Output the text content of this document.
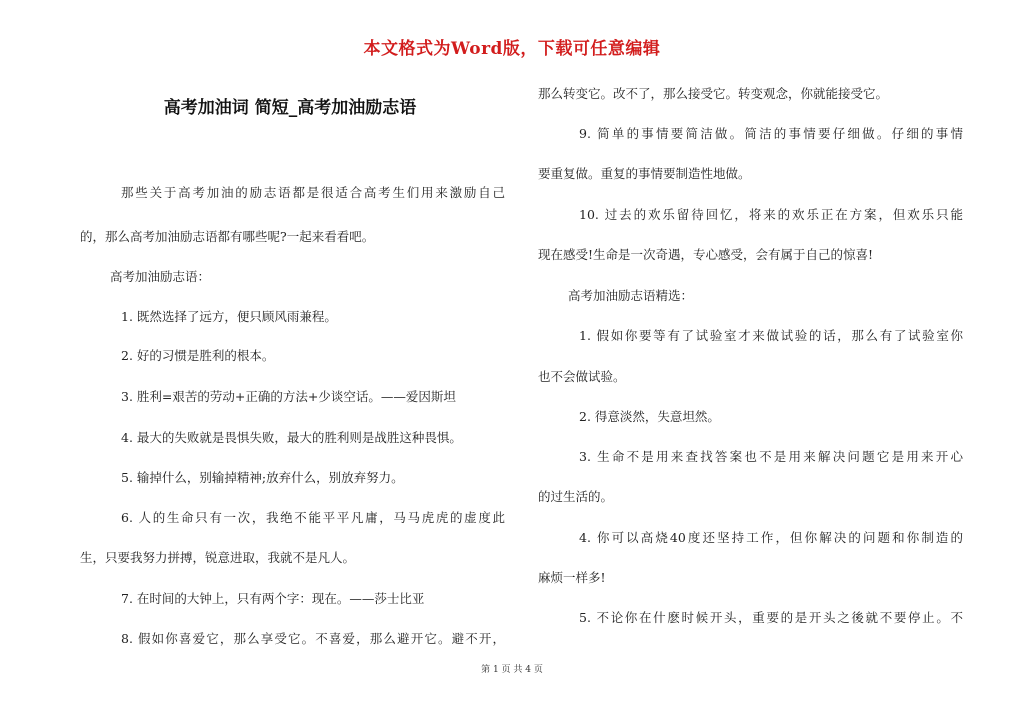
本文格式为Word版，下载可任意编辑
高考加油词 简短_高考加油励志语
那些关于高考加油的励志语都是很适合高考生们用来激励自己
的，那么高考加油励志语都有哪些呢?一起来看看吧。
高考加油励志语：
1. 既然选择了远方，便只顾风雨兼程。
2. 好的习惯是胜利的根本。
3. 胜利=艰苦的劳动+正确的方法+少谈空话。——爱因斯坦
4. 最大的失败就是畏惧失败，最大的胜利则是战胜这种畏惧。
5. 输掉什么，别输掉精神;放弃什么，别放弃努力。
6. 人的生命只有一次，我绝不能平平凡庸，马马虎虎的虚度此
生，只要我努力拼搏，锐意进取，我就不是凡人。
7. 在时间的大钟上，只有两个字：现在。——莎士比亚
8. 假如你喜爱它，那么享受它。不喜爱，那么避开它。避不开，
那么转变它。改不了，那么接受它。转变观念，你就能接受它。
9. 简单的事情要简洁做。简洁的事情要仔细做。仔细的事情
要重复做。重复的事情要制造性地做。
10. 过去的欢乐留待回忆，将来的欢乐正在方案，但欢乐只能
现在感受!生命是一次奇遇，专心感受，会有属于自己的惊喜!
高考加油励志语精选：
1. 假如你要等有了试验室才来做试验的话，那么有了试验室你
也不会做试验。
2. 得意淡然，失意坦然。
3. 生命不是用来查找答案也不是用来解决问题它是用来开心
的过生活的。
4. 你可以高烧40度还坚持工作，但你解决的问题和你制造的
麻烦一样多!
5. 不论你在什麽时候开头，重要的是开头之後就不要停止。不
第 1 页 共 4 页
